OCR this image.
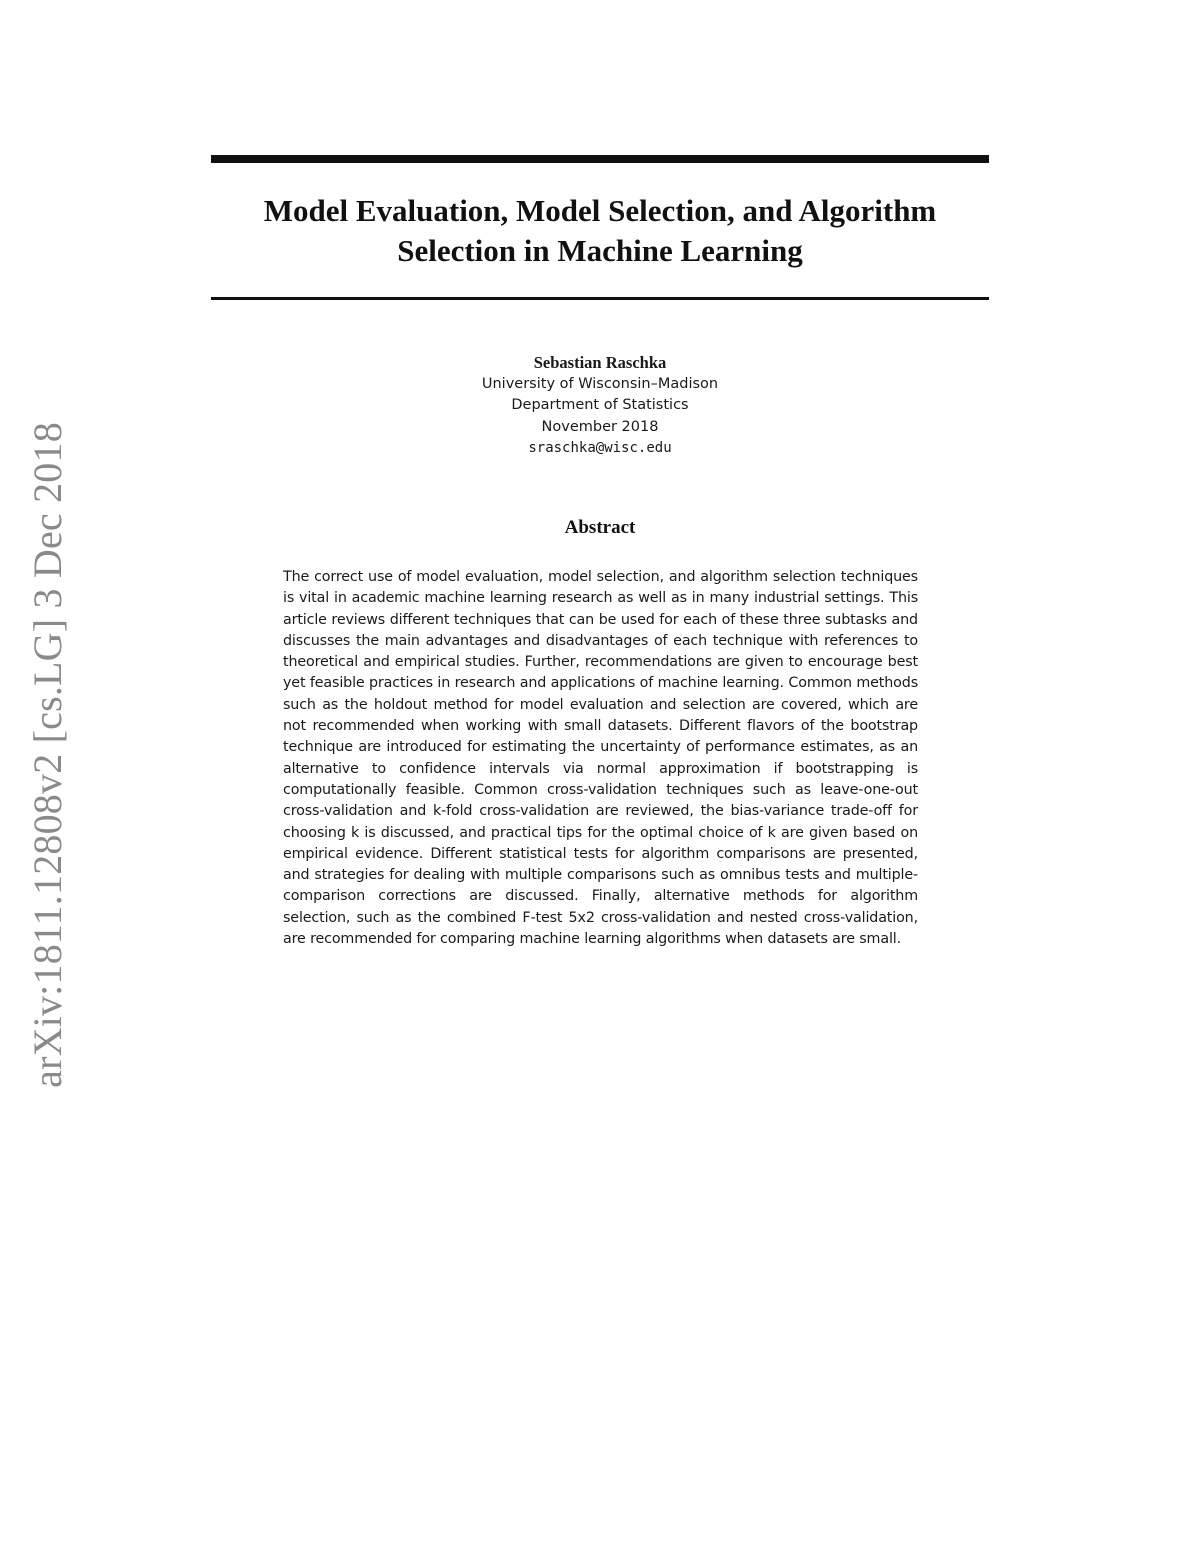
arXiv:1811.12808v2 [cs.LG] 3 Dec 2018
Model Evaluation, Model Selection, and Algorithm
Selection in Machine Learning
Sebastian Raschka
University of Wisconsin–Madison
Department of Statistics
November 2018
sraschka@wisc.edu
Abstract

The correct use of model evaluation, model selection, and algorithm selection techniques is vital in academic machine learning research as well as in many industrial settings. This article reviews different techniques that can be used for each of these three subtasks and discusses the main advantages and disadvantages of each technique with references to theoretical and empirical studies. Further, recommendations are given to encourage best yet feasible practices in research and applications of machine learning. Common methods such as the holdout method for model evaluation and selection are covered, which are not recommended when working with small datasets. Different flavors of the bootstrap technique are introduced for estimating the uncertainty of performance estimates, as an alternative to confidence intervals via normal approximation if bootstrapping is computationally feasible. Common cross-validation techniques such as leave-one-out cross-validation and k-fold cross-validation are reviewed, the bias-variance trade-off for choosing k is discussed, and practical tips for the optimal choice of k are given based on empirical evidence. Different statistical tests for algorithm comparisons are presented, and strategies for dealing with multiple comparisons such as omnibus tests and multiple-comparison corrections are discussed. Finally, alternative methods for algorithm selection, such as the combined F-test 5x2 cross-validation and nested cross-validation, are recommended for comparing machine learning algorithms when datasets are small.
